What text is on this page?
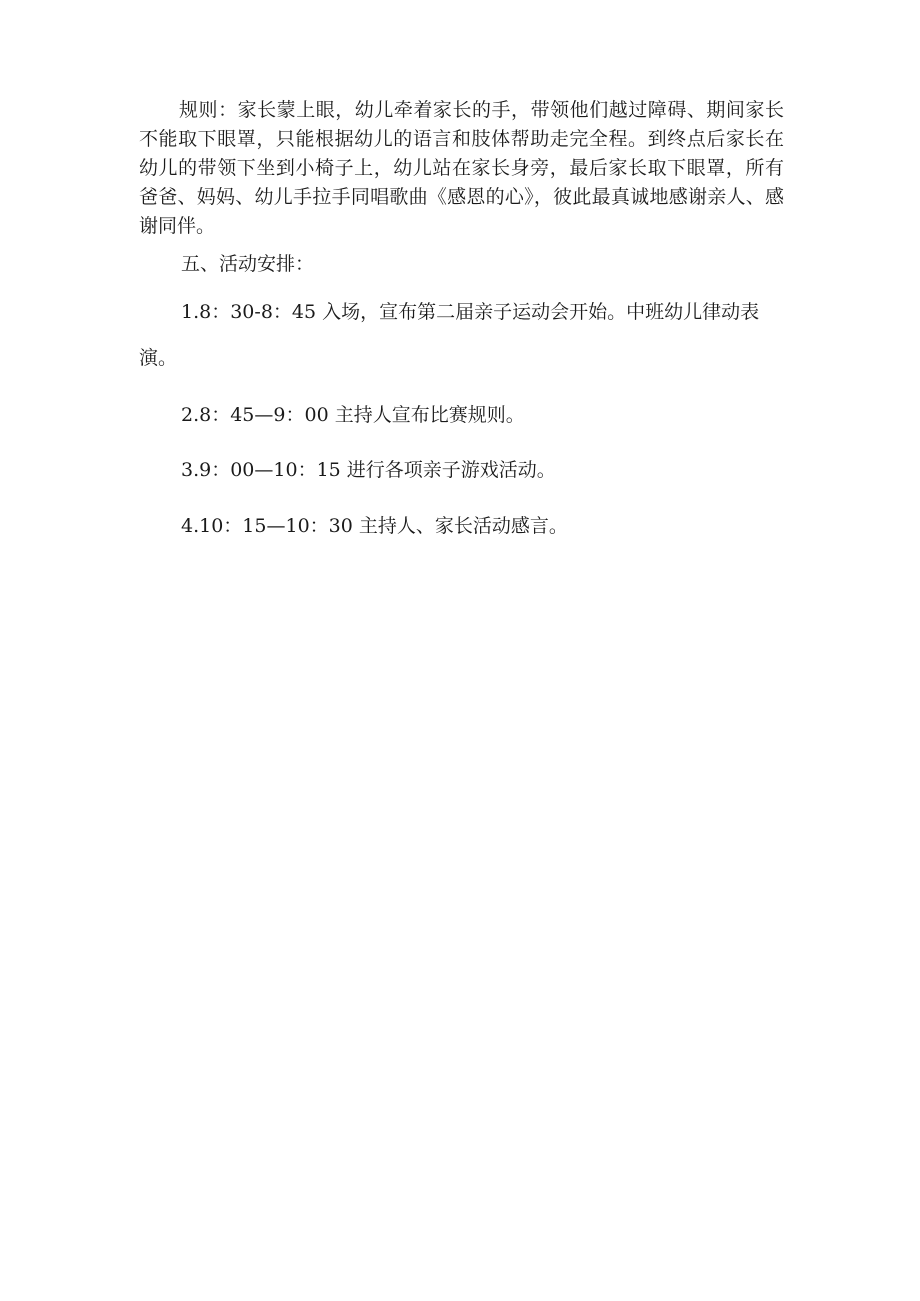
规则：家长蒙上眼，幼儿牵着家长的手，带领他们越过障碍、期间家长不能取下眼罩，只能根据幼儿的语言和肢体帮助走完全程。到终点后家长在幼儿的带领下坐到小椅子上，幼儿站在家长身旁，最后家长取下眼罩，所有爸爸、妈妈、幼儿手拉手同唱歌曲《感恩的心》，彼此最真诚地感谢亲人、感谢同伴。

五、活动安排：

1.8：30-8：45 入场，宣布第二届亲子运动会开始。中班幼儿律动表

演。

2.8：45—9：00 主持人宣布比赛规则。

3.9：00—10：15 进行各项亲子游戏活动。

4.10：15—10：30 主持人、家长活动感言。
